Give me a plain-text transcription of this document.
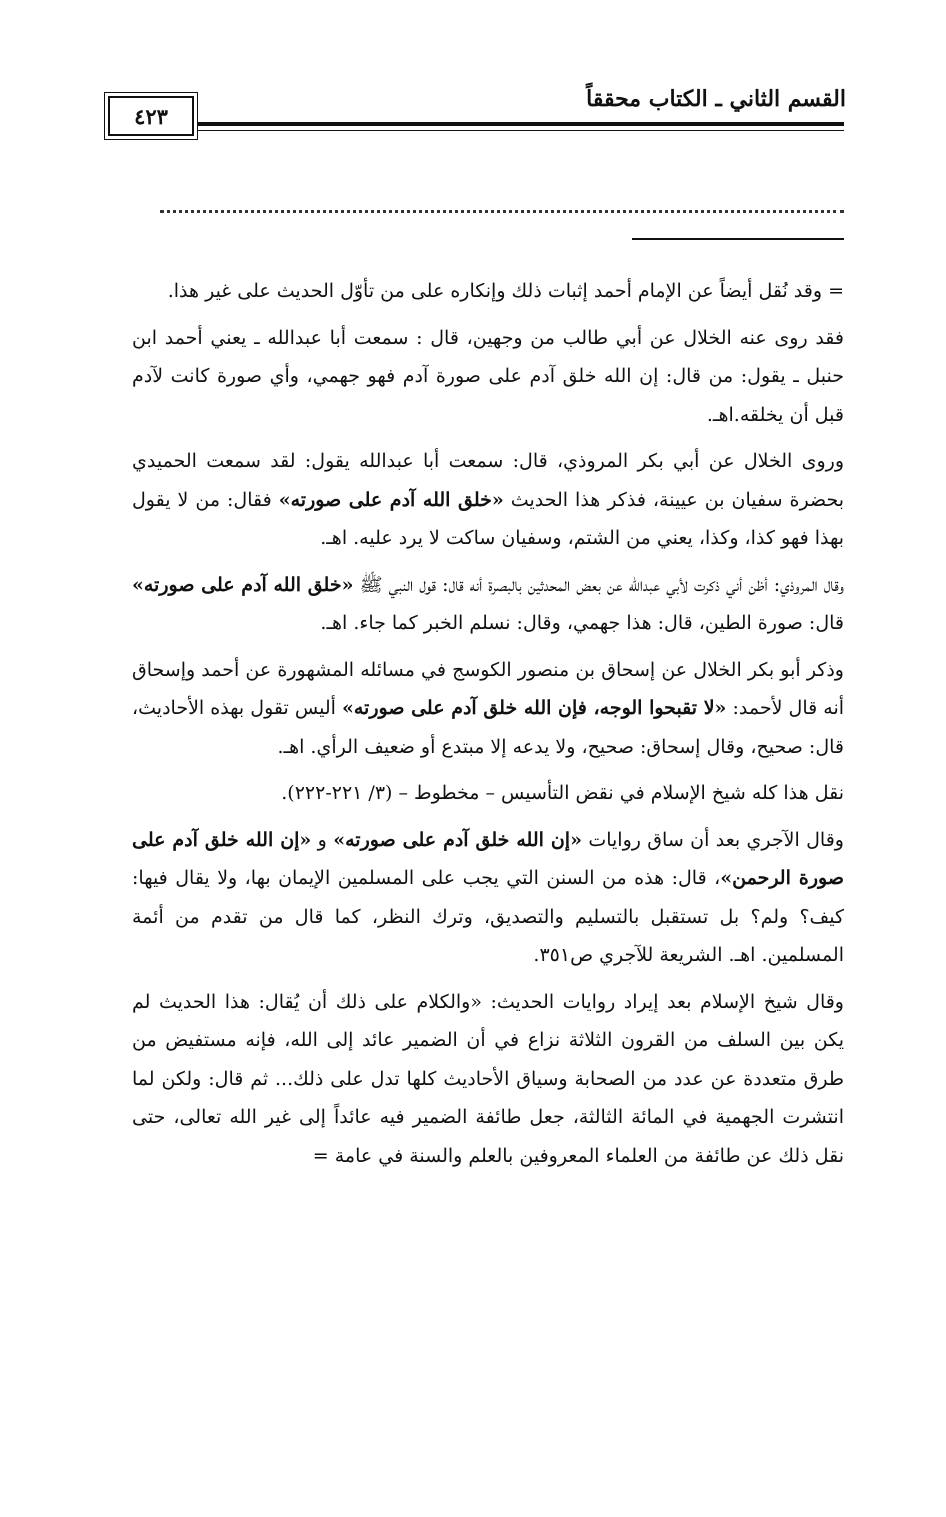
القسم الثاني ـ الكتاب محققاً
٤٢٣

= وقد نُقل أيضاً عن الإمام أحمد إثبات ذلك وإنكاره على من تأوّل الحديث على غير هذا.

فقد روى عنه الخلال عن أبي طالب من وجهين، قال : سمعت أبا عبدالله ـ يعني أحمد ابن حنبل ـ يقول: من قال: إن الله خلق آدم على صورة آدم فهو جهمي، وأي صورة كانت لآدم قبل أن يخلقه.اهـ.

وروى الخلال عن أبي بكر المروذي، قال: سمعت أبا عبدالله يقول: لقد سمعت الحميدي بحضرة سفيان بن عيينة، فذكر هذا الحديث «خلق الله آدم على صورته» فقال: من لا يقول بهذا فهو كذا، وكذا، يعني من الشتم، وسفيان ساكت لا يرد عليه. اهـ.

وقال المروذي: أظن أني ذكرت لأبي عبدالله عن بعض المحدثين بالبصرة أنه قال: قول النبي ﷺ «خلق الله آدم على صورته» قال: صورة الطين، قال: هذا جهمي، وقال: نسلم الخبر كما جاء. اهـ.

وذكر أبو بكر الخلال عن إسحاق بن منصور الكوسج في مسائله المشهورة عن أحمد وإسحاق أنه قال لأحمد: «لا تقبحوا الوجه، فإن الله خلق آدم على صورته» أليس تقول بهذه الأحاديث، قال: صحيح، وقال إسحاق: صحيح، ولا يدعه إلا مبتدع أو ضعيف الرأي. اهـ.

نقل هذا كله شيخ الإسلام في نقض التأسيس – مخطوط – (٣/ ٢٢١-٢٢٢).

وقال الآجري بعد أن ساق روايات «إن الله خلق آدم على صورته» و «إن الله خلق آدم على صورة الرحمن»، قال: هذه من السنن التي يجب على المسلمين الإيمان بها، ولا يقال فيها: كيف؟ ولم؟ بل تستقبل بالتسليم والتصديق، وترك النظر، كما قال من تقدم من أئمة المسلمين. اهـ. الشريعة للآجري ص٣٥١.

وقال شيخ الإسلام بعد إيراد روايات الحديث: «والكلام على ذلك أن يُقال: هذا الحديث لم يكن بين السلف من القرون الثلاثة نزاع في أن الضمير عائد إلى الله، فإنه مستفيض من طرق متعددة عن عدد من الصحابة وسياق الأحاديث كلها تدل على ذلك... ثم قال: ولكن لما انتشرت الجهمية في المائة الثالثة، جعل طائفة الضمير فيه عائداً إلى غير الله تعالى، حتى نقل ذلك عن طائفة من العلماء المعروفين بالعلم والسنة في عامة =
